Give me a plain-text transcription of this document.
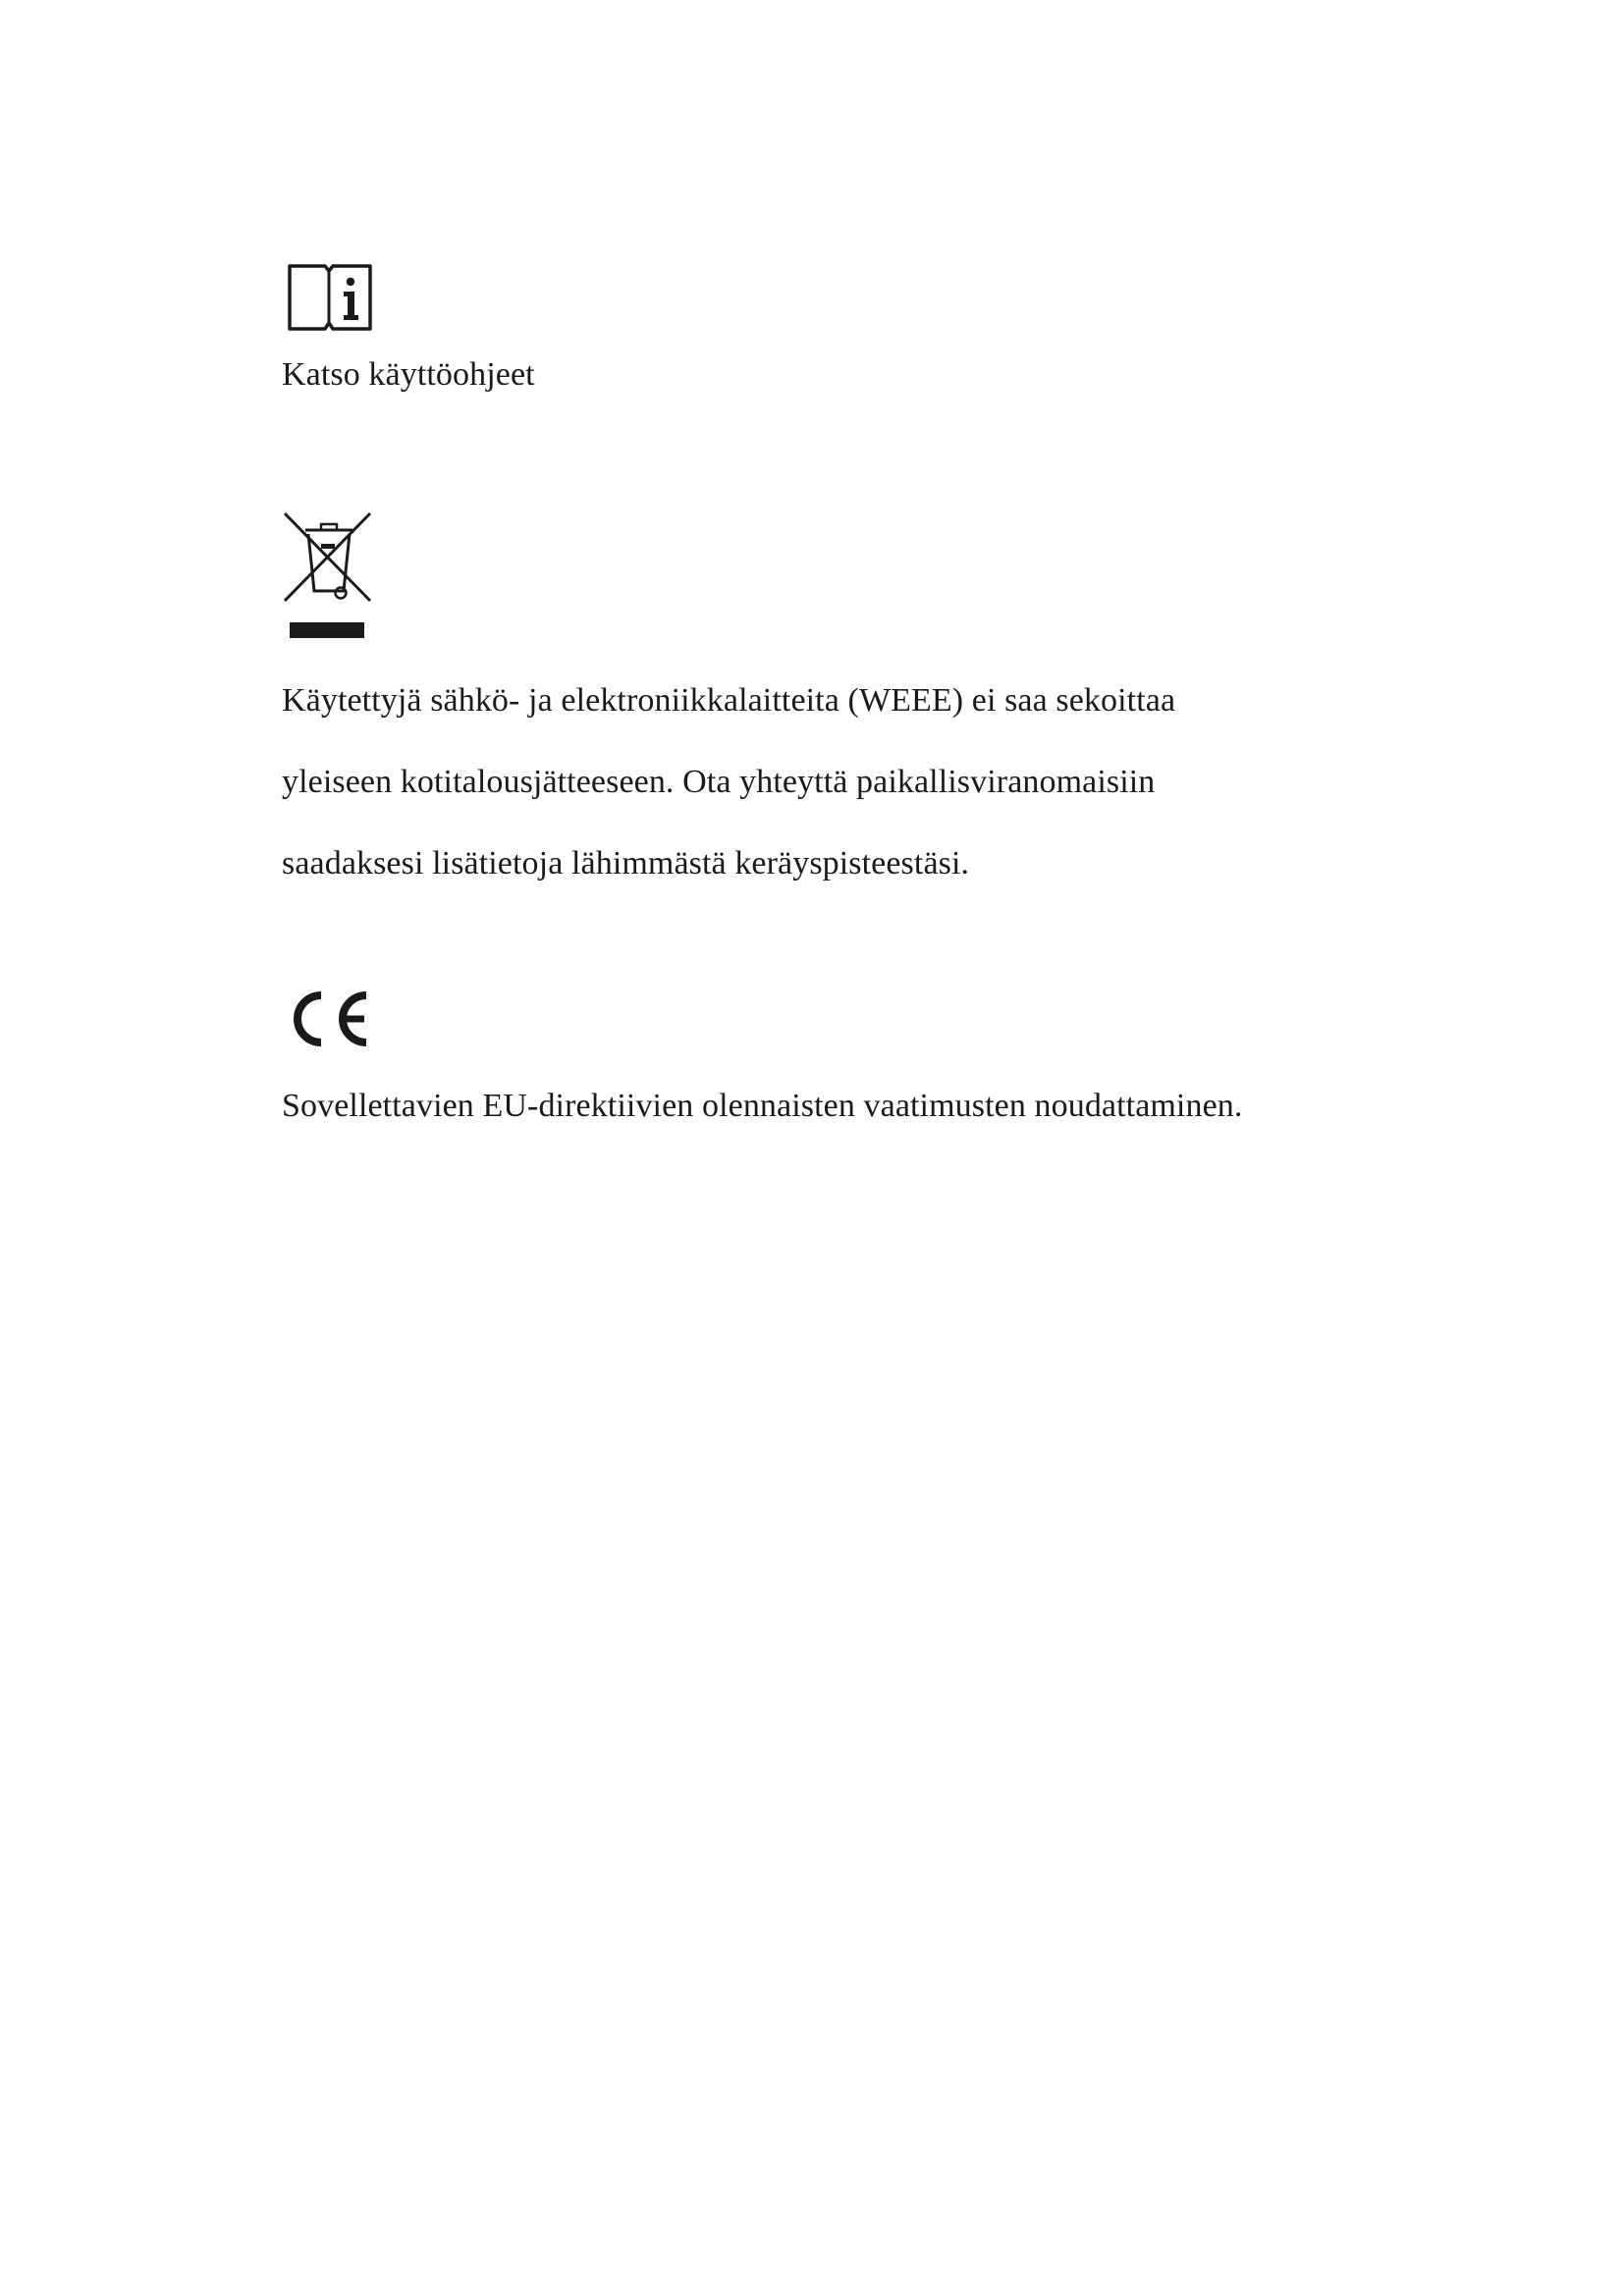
Katso käyttöohjeet
Käytettyjä sähkö- ja elektroniikkalaitteita (WEEE) ei saa sekoittaa
yleiseen kotitalousjätteeseen. Ota yhteyttä paikallisviranomaisiin
saadaksesi lisätietoja lähimmästä keräyspisteestäsi.
Sovellettavien EU-direktiivien olennaisten vaatimusten noudattaminen.
